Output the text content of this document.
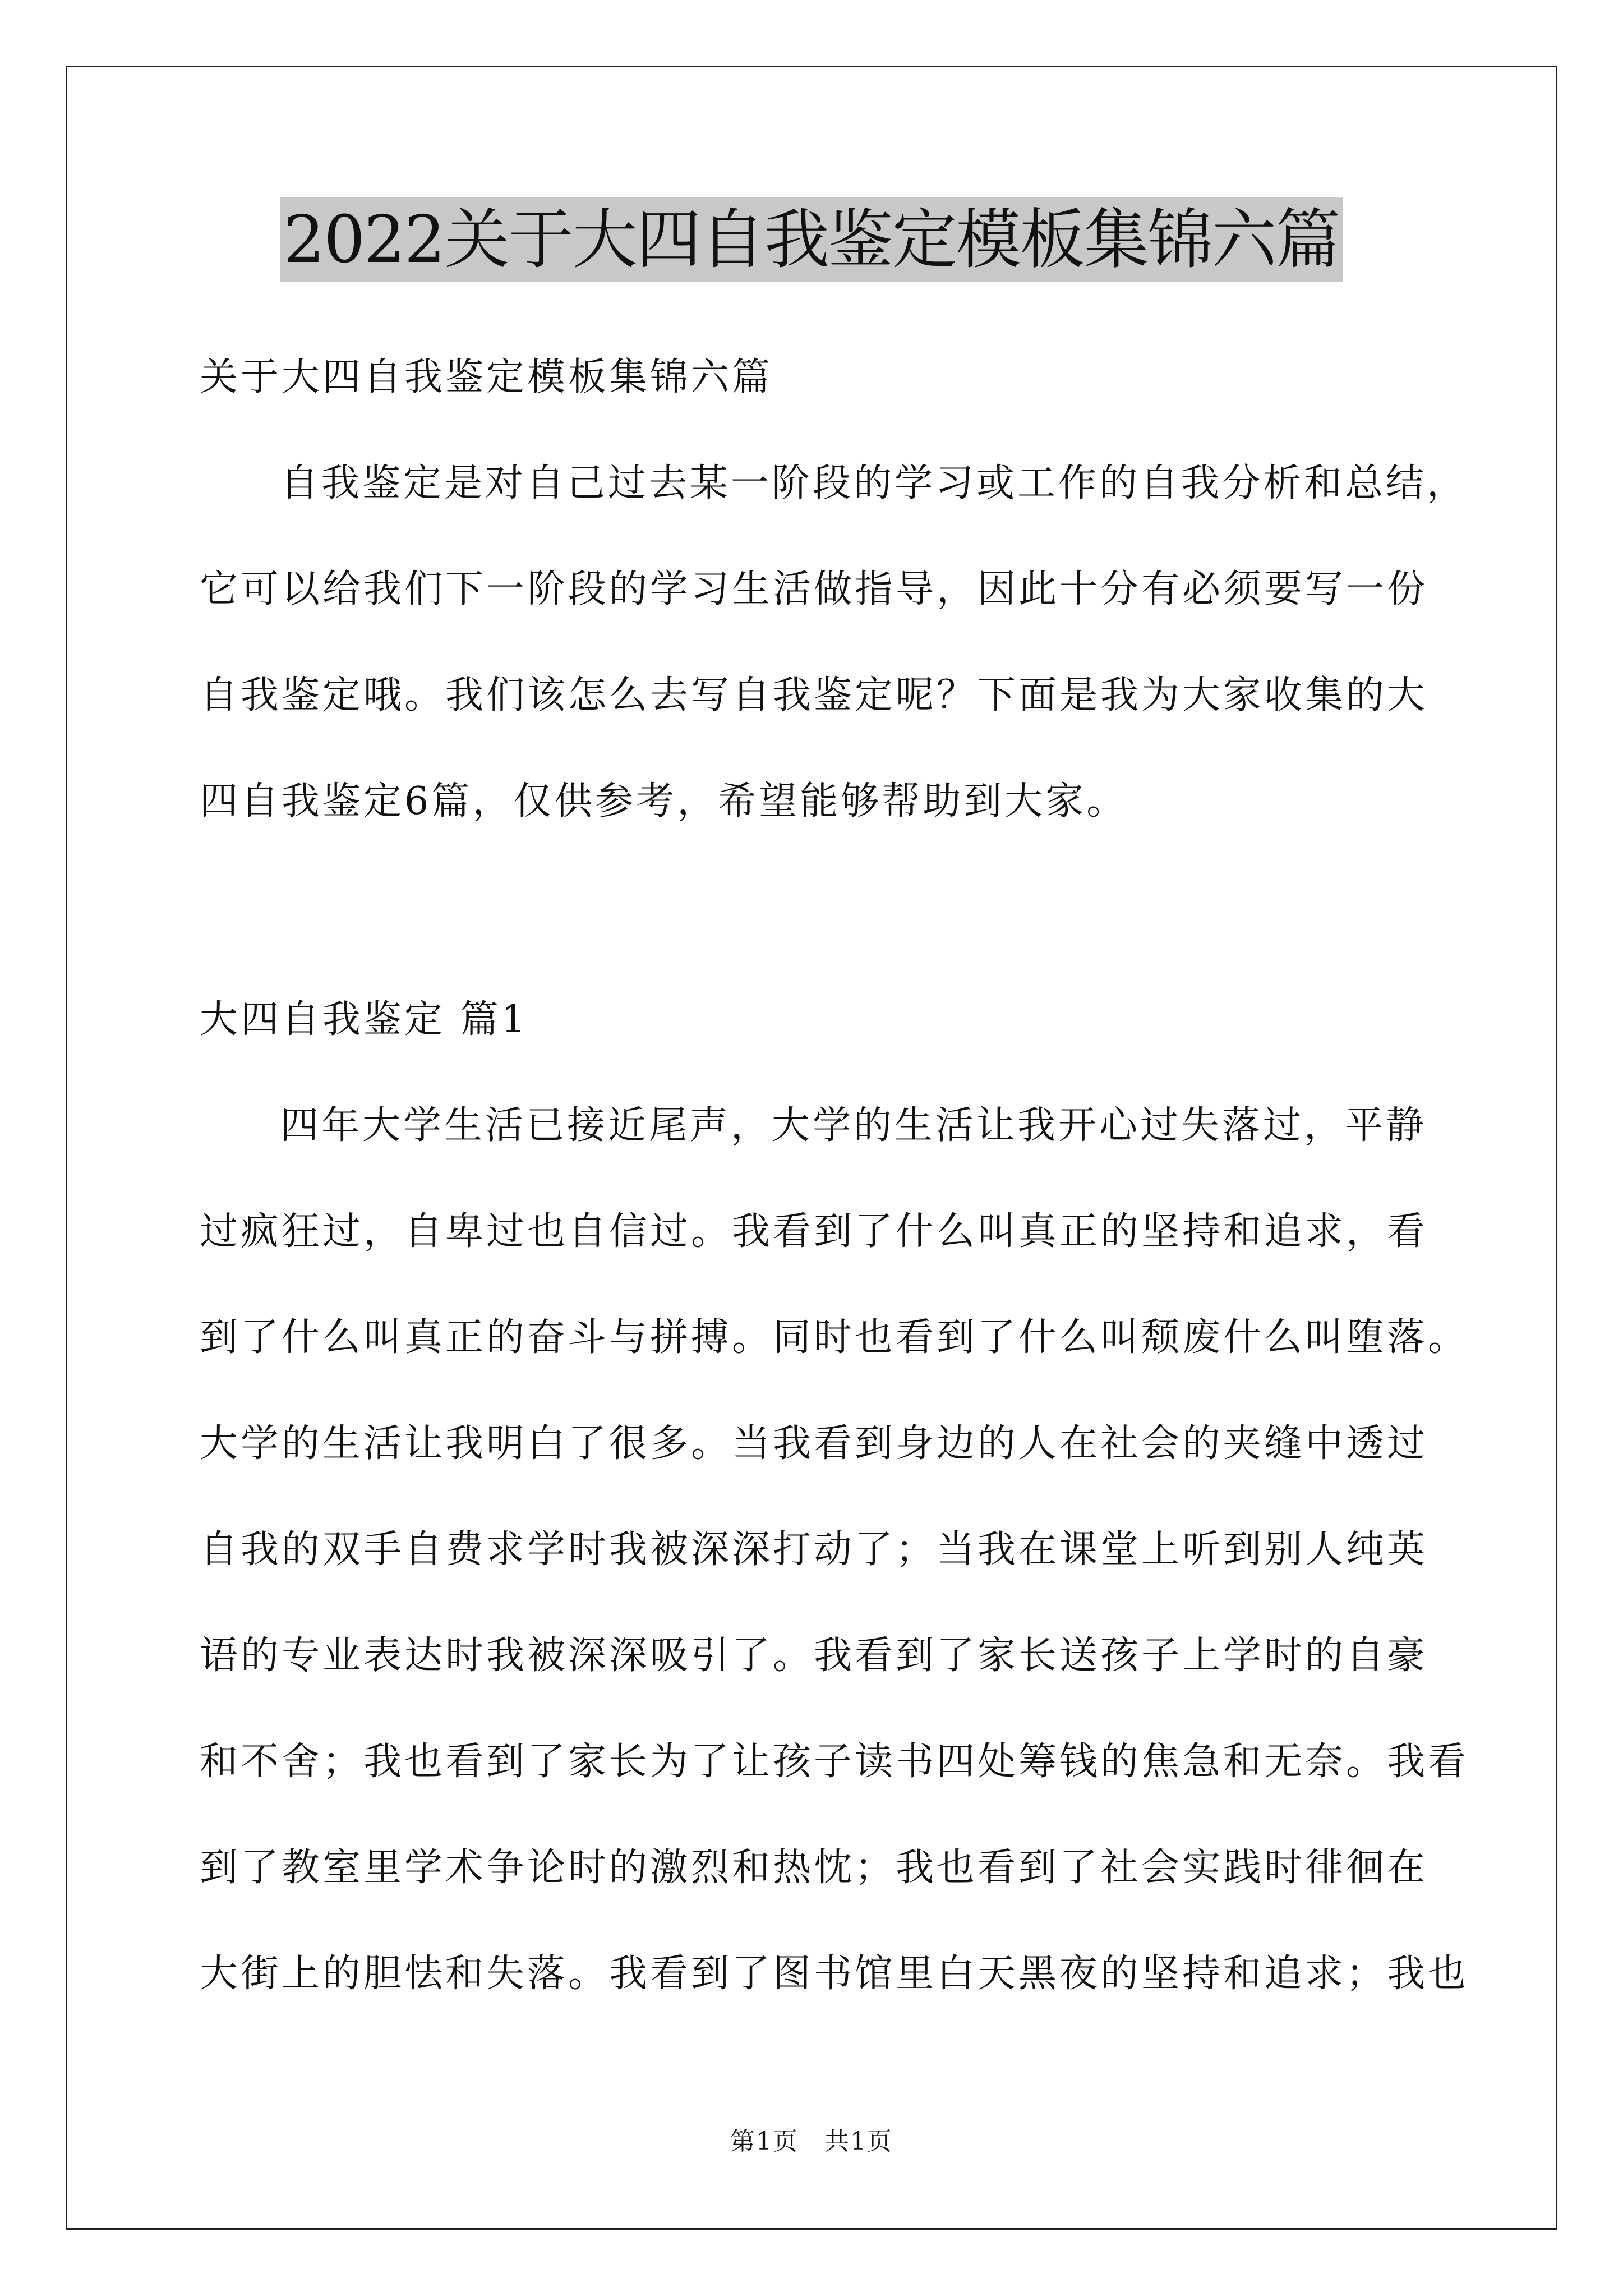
2022关于大四自我鉴定模板集锦六篇
关于大四自我鉴定模板集锦六篇
自我鉴定是对自己过去某一阶段的学习或工作的自我分析和总结，
它可以给我们下一阶段的学习生活做指导，因此十分有必须要写一份
自我鉴定哦。我们该怎么去写自我鉴定呢？下面是我为大家收集的大
四自我鉴定6篇，仅供参考，希望能够帮助到大家。
大四自我鉴定 篇1
四年大学生活已接近尾声，大学的生活让我开心过失落过，平静
过疯狂过，自卑过也自信过。我看到了什么叫真正的坚持和追求，看
到了什么叫真正的奋斗与拼搏。同时也看到了什么叫颓废什么叫堕落。
大学的生活让我明白了很多。当我看到身边的人在社会的夹缝中透过
自我的双手自费求学时我被深深打动了；当我在课堂上听到别人纯英
语的专业表达时我被深深吸引了。我看到了家长送孩子上学时的自豪
和不舍；我也看到了家长为了让孩子读书四处筹钱的焦急和无奈。我看
到了教室里学术争论时的激烈和热忱；我也看到了社会实践时徘徊在
大街上的胆怯和失落。我看到了图书馆里白天黑夜的坚持和追求；我也
第1页　共1页
